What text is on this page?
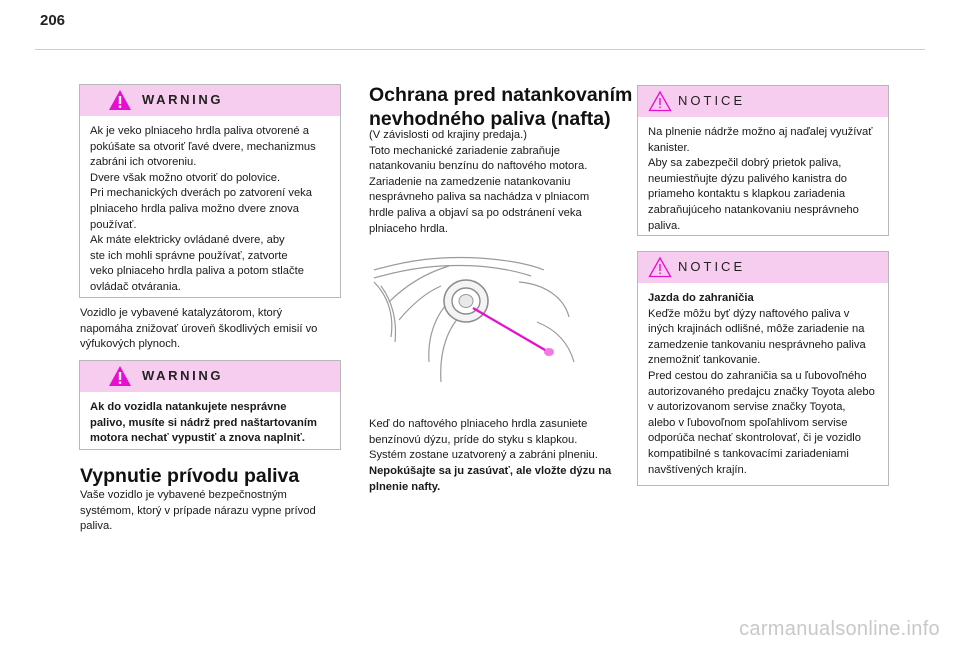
206
WARNING

Ak je veko plniaceho hrdla paliva otvorené a
pokúšate sa otvoriť ľavé dvere, mechanizmus
zabráni ich otvoreniu.
Dvere však možno otvoriť do polovice.
Pri mechanických dverách po zatvorení veka
plniaceho hrdla paliva možno dvere znova
používať.
Ak máte elektricky ovládané dvere, aby
ste ich mohli správne používať, zatvorte
veko plniaceho hrdla paliva a potom stlačte
ovládač otvárania.

Vozidlo je vybavené katalyzátorom, ktorý
napomáha znižovať úroveň škodlivých emisií vo
výfukových plynoch.

WARNING

Ak do vozidla natankujete nesprávne
palivo, musíte si nádrž pred naštartovaním
motora nechať vypustiť a znova naplniť.

Vypnutie prívodu paliva

Vaše vozidlo je vybavené bezpečnostným
systémom, ktorý v prípade nárazu vypne prívod
paliva.

Ochrana pred natankovaním
nevhodného paliva (nafta)

(V závislosti od krajiny predaja.)
Toto mechanické zariadenie zabraňuje
natankovaniu benzínu do naftového motora.
Zariadenie na zamedzenie natankovaniu
nesprávneho paliva sa nachádza v plniacom
hrdle paliva a objaví sa po odstránení veka
plniaceho hrdla.

Keď do naftového plniaceho hrdla zasuniete
benzínovú dýzu, príde do styku s klapkou.
Systém zostane uzatvorený a zabráni plneniu.

Nepokúšajte sa ju zasúvať, ale vložte dýzu na
plnenie nafty.

NOTICE

Na plnenie nádrže možno aj naďalej využívať
kanister.
Aby sa zabezpečil dobrý prietok paliva,
neumiestňujte dýzu palivého kanistra do
priameho kontaktu s klapkou zariadenia
zabraňujúceho natankovaniu nesprávneho
paliva.

NOTICE

Jazda do zahraničia

Keďže môžu byť dýzy naftového paliva v
iných krajinách odlišné, môže zariadenie na
zamedzenie tankovaniu nesprávneho paliva
znemožniť tankovanie.
Pred cestou do zahraničia sa u ľubovoľného
autorizovaného predajcu značky Toyota alebo
v autorizovanom servise značky Toyota,
alebo v ľubovoľnom spoľahlivom servise
odporúča nechať skontrolovať, či je vozidlo
kompatibilné s tankovacími zariadeniami
navštívených krajín.

carmanualsonline.info
